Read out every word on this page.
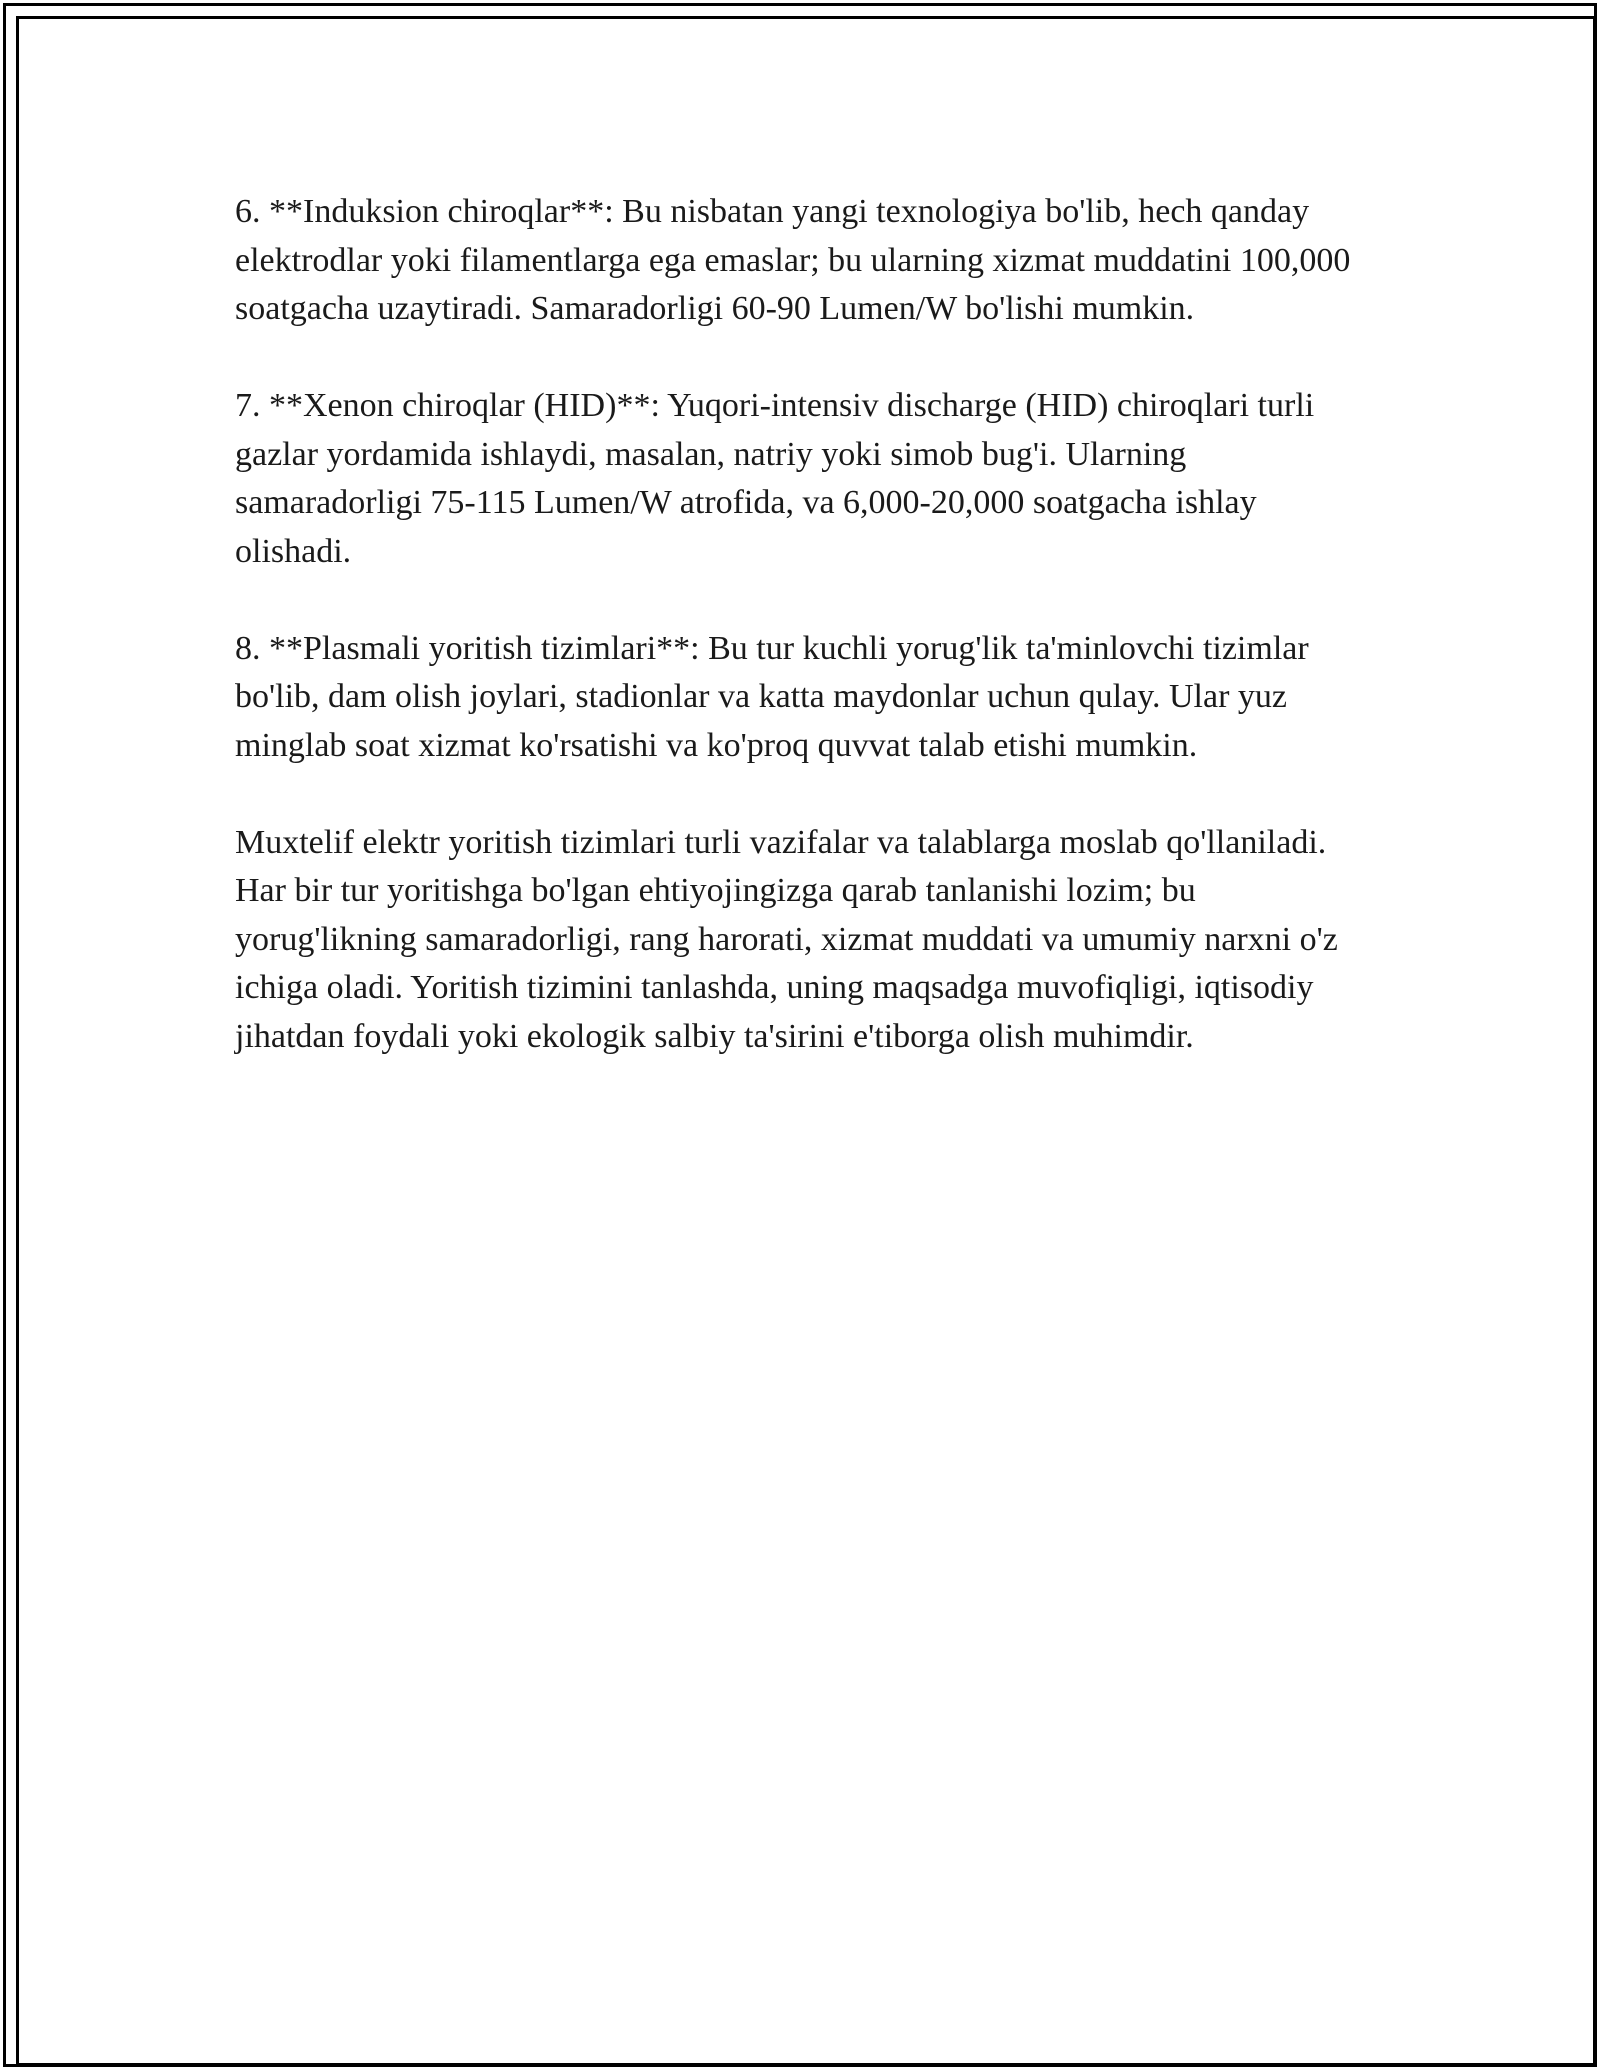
6. **Induksion chiroqlar**: Bu nisbatan yangi texnologiya bo'lib, hech qanday elektrodlar yoki filamentlarga ega emaslar; bu ularning xizmat muddatini 100,000 soatgacha uzaytiradi. Samaradorligi 60-90 Lumen/W bo'lishi mumkin.

7. **Xenon chiroqlar (HID)**: Yuqori-intensiv discharge (HID) chiroqlari turli gazlar yordamida ishlaydi, masalan, natriy yoki simob bug'i. Ularning samaradorligi 75-115 Lumen/W atrofida, va 6,000-20,000 soatgacha ishlay olishadi.

8. **Plasmali yoritish tizimlari**: Bu tur kuchli yorug'lik ta'minlovchi tizimlar bo'lib, dam olish joylari, stadionlar va katta maydonlar uchun qulay. Ular yuz minglab soat xizmat ko'rsatishi va ko'proq quvvat talab etishi mumkin.

Muxtelif elektr yoritish tizimlari turli vazifalar va talablarga moslab qo'llaniladi. Har bir tur yoritishga bo'lgan ehtiyojingizga qarab tanlanishi lozim; bu yorug'likning samaradorligi, rang harorati, xizmat muddati va umumiy narxni o'z ichiga oladi. Yoritish tizimini tanlashda, uning maqsadga muvofiqligi, iqtisodiy jihatdan foydali yoki ekologik salbiy ta'sirini e'tiborga olish muhimdir.
